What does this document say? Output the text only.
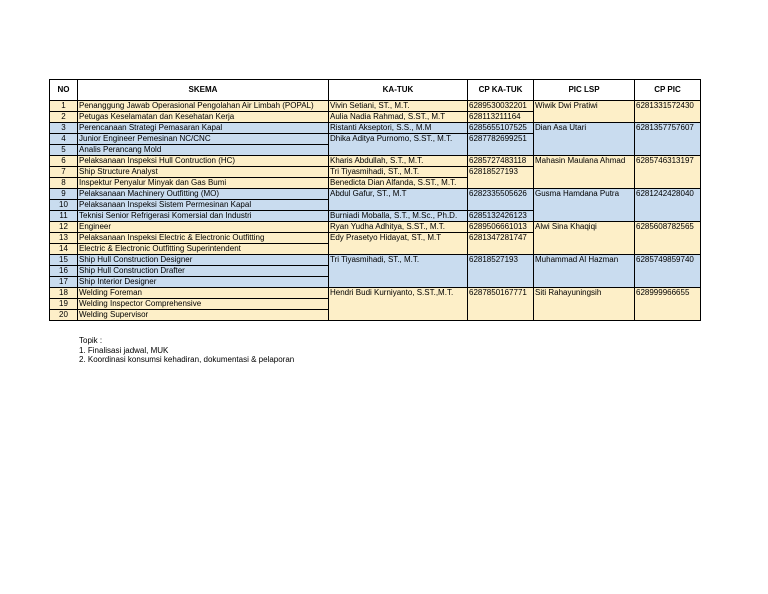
NO	SKEMA	KA-TUK	CP KA-TUK	PIC LSP	CP PIC
1	Penanggung Jawab Operasional Pengolahan Air Limbah (POPAL)	Vivin Setiani, ST., M.T.	6289530032201	Wiwik Dwi Pratiwi	6281331572430
2	Petugas Keselamatan dan Kesehatan Kerja	Aulia Nadia Rahmad, S.ST., M.T	628113211164		
3	Perencanaan Strategi Pemasaran Kapal	Ristanti Akseptori, S.S., M.M	6285655107525	Dian Asa Utari	6281357757607
4	Junior Engineer Pemesinan NC/CNC	Dhika Aditya Purnomo, S.ST., M.T.	6287782699251		
5	Analis Perancang Mold				
6	Pelaksanaan Inspeksi Hull Contruction (HC)	Kharis Abdullah, S.T., M.T.	6285727483118	Mahasin Maulana Ahmad	6285746313197
7	Ship Structure Analyst	Tri Tiyasmihadi, ST., M.T.	62818527193		
8	Inspektur Penyalur Minyak dan Gas Bumi	Benedicta Dian Alfanda, S.ST., M.T.			
9	Pelaksanaan Machinery Outfitting (MO)	Abdul Gafur, ST., M.T	6282335505626	Gusma Hamdana Putra	6281242428040
10	Pelaksanaan Inspeksi Sistem Permesinan Kapal				
11	Teknisi Senior Refrigerasi Komersial dan Industri	Burniadi Moballa, S.T., M.Sc., Ph.D.	6285132426123		
12	Engineer	Ryan Yudha Adhitya, S.ST., M.T.	6289506661013	Alwi Sina Khaqiqi	6285608782565
13	Pelaksanaan Inspeksi Electric & Electronic Outfitting	Edy Prasetyo Hidayat, ST., M.T	6281347281747		
14	Electric & Electronic Outfitting Superintendent				
15	Ship Hull Construction Designer	Tri Tiyasmihadi, ST., M.T.	62818527193	Muhammad Al Hazman	6285749859740
16	Ship Hull Construction Drafter				
17	Ship Interior Designer				
18	Welding Foreman	Hendri Budi Kurniyanto, S.ST.,M.T.	6287850167771	Siti Rahayuningsih	628999966655
19	Welding Inspector Comprehensive				
20	Welding Supervisor				
Topik :
1. Finalisasi jadwal, MUK
2. Koordinasi konsumsi kehadiran, dokumentasi & pelaporan
